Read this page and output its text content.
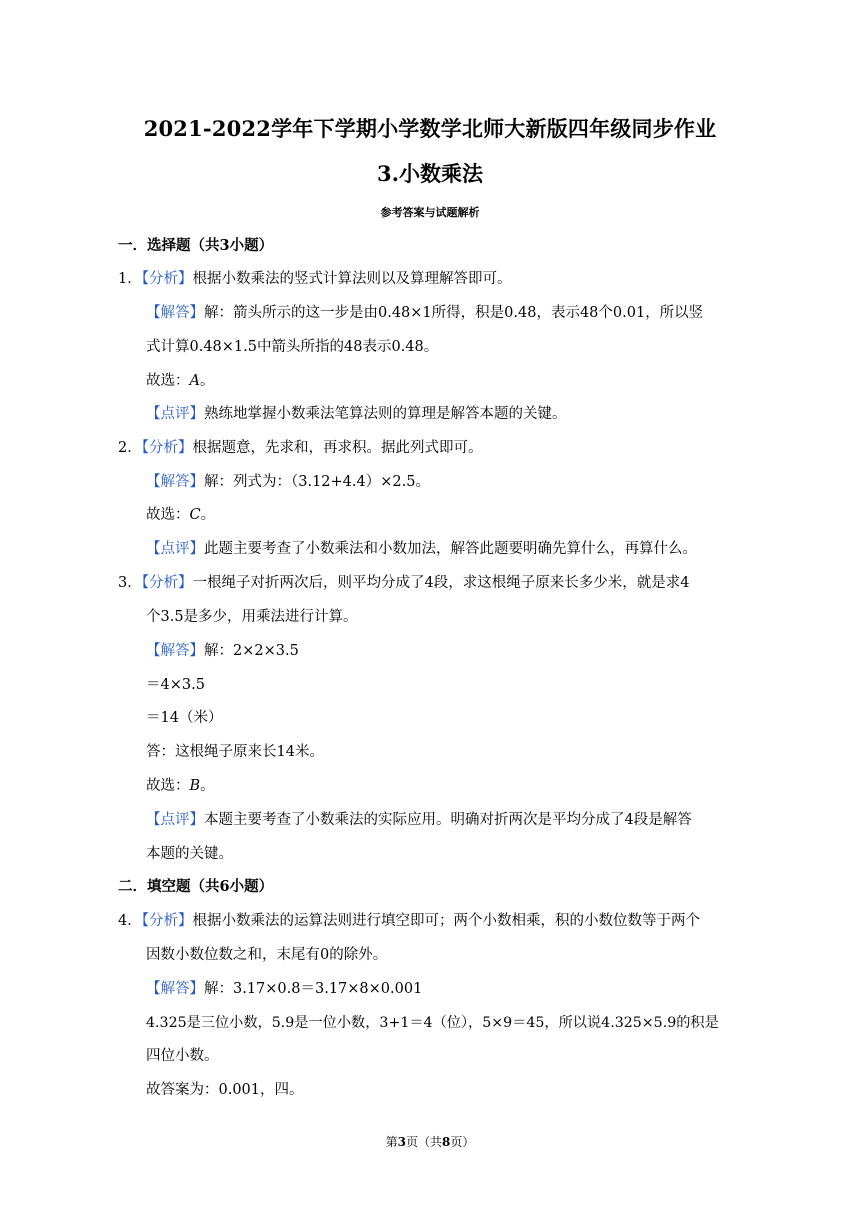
2021-2022学年下学期小学数学北师大新版四年级同步作业
3.小数乘法
参考答案与试题解析
一．选择题（共3小题）
1．【分析】根据小数乘法的竖式计算法则以及算理解答即可。
【解答】解：箭头所示的这一步是由0.48×1所得，积是0.48，表示48个0.01，所以竖
式计算0.48×1.5中箭头所指的48表示0.48。
故选：A。
【点评】熟练地掌握小数乘法笔算法则的算理是解答本题的关键。
2．【分析】根据题意，先求和，再求积。据此列式即可。
【解答】解：列式为：（3.12+4.4）×2.5。
故选：C。
【点评】此题主要考查了小数乘法和小数加法，解答此题要明确先算什么，再算什么。
3．【分析】一根绳子对折两次后，则平均分成了4段，求这根绳子原来长多少米，就是求4
个3.5是多少，用乘法进行计算。
【解答】解：2×2×3.5
＝4×3.5
＝14（米）
答：这根绳子原来长14米。
故选：B。
【点评】本题主要考查了小数乘法的实际应用。明确对折两次是平均分成了4段是解答
本题的关键。
二．填空题（共6小题）
4．【分析】根据小数乘法的运算法则进行填空即可；两个小数相乘，积的小数位数等于两个
因数小数位数之和，末尾有0的除外。
【解答】解：3.17×0.8＝3.17×8×0.001
4.325是三位小数，5.9是一位小数，3+1＝4（位），5×9＝45，所以说4.325×5.9的积是
四位小数。
故答案为：0.001，四。
第3页（共8页）
